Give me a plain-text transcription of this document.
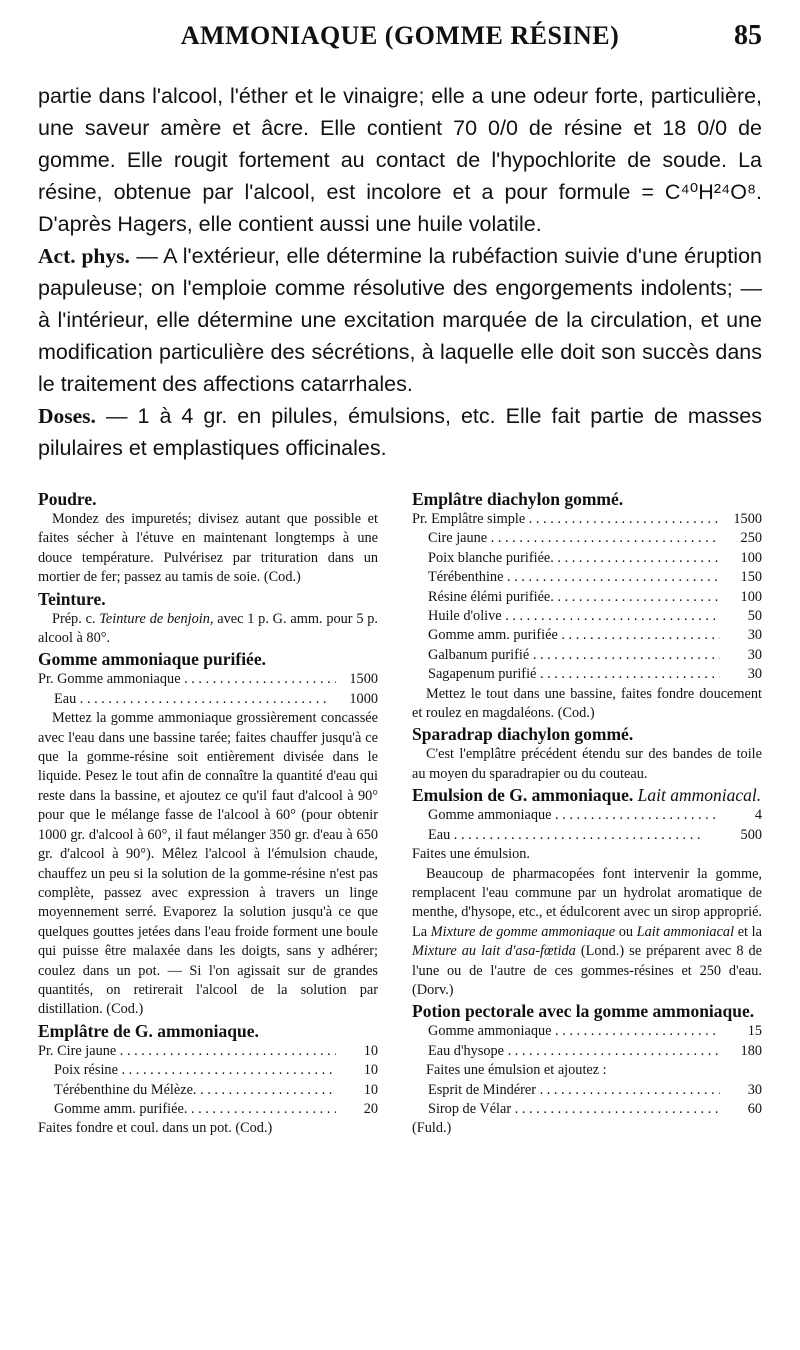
AMMONIAQUE (GOMME RÉSINE)	85

partie dans l'alcool, l'éther et le vinaigre; elle a une odeur forte, particulière, une saveur amère et âcre. Elle contient 70 0/0 de résine et 18 0/0 de gomme. Elle rougit fortement au contact de l'hypochlorite de soude. La résine, obtenue par l'alcool, est incolore et a pour formule = C⁴⁰H²⁴O⁸. D'après Hagers, elle contient aussi une huile volatile.

Act. phys. — A l'extérieur, elle détermine la rubéfaction suivie d'une éruption papuleuse; on l'emploie comme résolutive des engorgements indolents; — à l'intérieur, elle détermine une excitation marquée de la circulation, et une modification particulière des sécrétions, à laquelle elle doit son succès dans le traitement des affections catarrhales.

Doses. — 1 à 4 gr. en pilules, émulsions, etc. Elle fait partie de masses pilulaires et emplastiques officinales.

Poudre.

Mondez des impuretés; divisez autant que possible et faites sécher à l'étuve en maintenant longtemps à une douce température. Pulvérisez par trituration dans un mortier de fer; passez au tamis de soie. (Cod.)

Teinture.

Prép. c. Teinture de benjoin, avec 1 p. G. amm. pour 5 p. alcool à 80°.

Gomme ammoniaque purifiée.
Pr. Gomme ammoniaque . . .	1500
Eau . . .	1000

Mettez la gomme ammoniaque grossièrement concassée avec l'eau dans une bassine tarée; faites chauffer jusqu'à ce que la gomme-résine soit entièrement divisée dans le liquide. Pesez le tout afin de connaître la quantité d'eau qui reste dans la bassine, et ajoutez ce qu'il faut d'alcool à 90° pour que le mélange fasse de l'alcool à 60° (pour obtenir 1000 gr. d'alcool à 60°, il faut mélanger 350 gr. d'eau à 650 gr. d'alcool à 90°). Mêlez l'alcool à l'émulsion chaude, chauffez un peu si la solution de la gomme-résine n'est pas complète, passez avec expression à travers un linge moyennement serré. Evaporez la solution jusqu'à ce que quelques gouttes jetées dans l'eau froide forment une boule qui puisse être malaxée dans les doigts, sans y adhérer; coulez dans un pot. — Si l'on agissait sur de grandes quantités, on retirerait l'alcool de la solution par distillation. (Cod.)

Emplâtre de G. ammoniaque.
Pr. Cire jaune . . .	10
Poix résine . . .	10
Térébenthine du Mélèze. . . .	10
Gomme amm. purifiée. . . .	20

Faites fondre et coul. dans un pot. (Cod.)

Emplâtre diachylon gommé.
Pr. Emplâtre simple . . .	1500
Cire jaune . . .	250
Poix blanche purifiée. . . .	100
Térébenthine . . .	150
Résine élémi purifiée. . . .	100
Huile d'olive . . .	50
Gomme amm. purifiée . . .	30
Galbanum purifié . . .	30
Sagapenum purifié . . .	30

Mettez le tout dans une bassine, faites fondre doucement et roulez en magdaléons. (Cod.)

Sparadrap diachylon gommé.

C'est l'emplâtre précédent étendu sur des bandes de toile au moyen du sparadrapier ou du couteau.

Emulsion de G. ammoniaque. Lait ammoniacal.
Gomme ammoniaque . . .	4
Eau . . .	500

Faites une émulsion.

Beaucoup de pharmacopées font intervenir la gomme, remplacent l'eau commune par un hydrolat aromatique de menthe, d'hysope, etc., et édulcorent avec un sirop approprié. La Mixture de gomme ammoniaque ou Lait ammoniacal et la Mixture au lait d'asa-fœtida (Lond.) se préparent avec 8 de l'une ou de l'autre de ces gommes-résines et 250 d'eau. (Dorv.)

Potion pectorale avec la gomme ammoniaque.
Gomme ammoniaque . . .	15
Eau d'hysope . . .	180

Faites une émulsion et ajoutez :

Esprit de Mindérer . . .	30
Sirop de Vélar . . .	60

(Fuld.)
